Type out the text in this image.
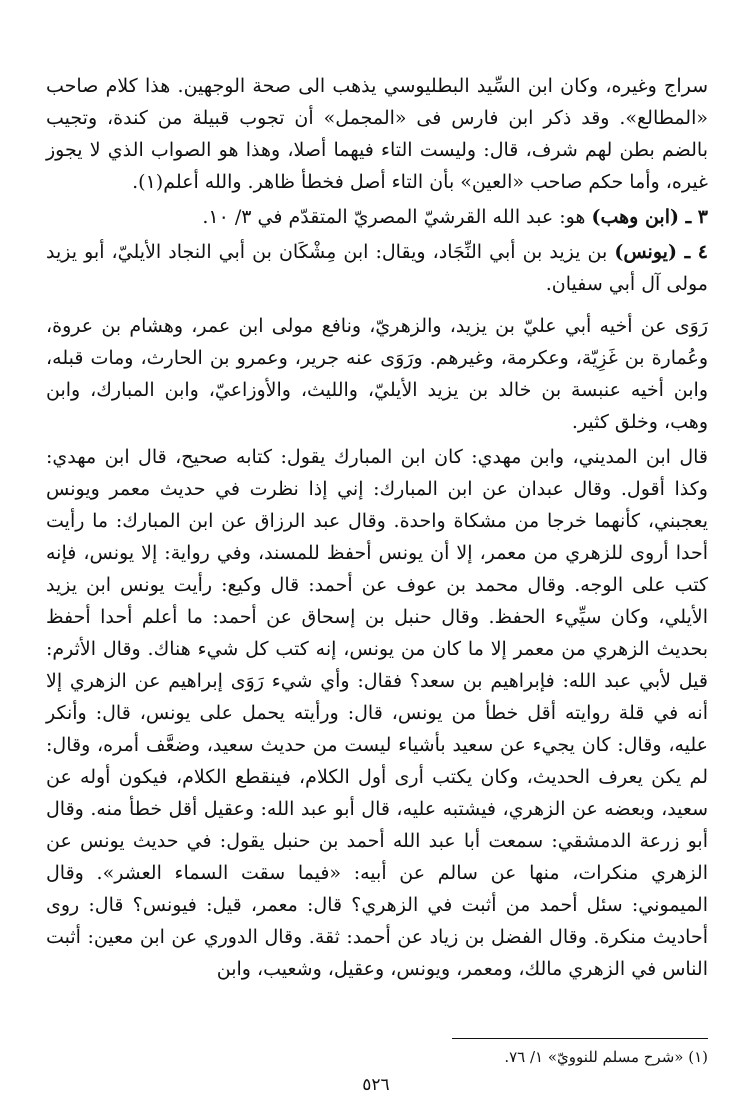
سراج وغيره، وكان ابن السِّيد البطليوسي يذهب الى صحة الوجهين. هذا كلام صاحب «المطالع». وقد ذكر ابن فارس فى «المجمل» أن تجوب قبيلة من كندة، وتجيب بالضم بطن لهم شرف، قال: وليست التاء فيهما أصلا، وهذا هو الصواب الذي لا يجوز غيره، وأما حكم صاحب «العين» بأن التاء أصل فخطأ ظاهر. والله أعلم(١).

٣ ـ (ابن وهب) هو: عبد الله القرشيّ المصريّ المتقدّم في ٣/ ١٠.

٤ ـ (يونس) بن يزيد بن أبي النِّجَاد، ويقال: ابن مِشْكَان بن أبي النجاد الأيليّ، أبو يزيد مولى آل أبي سفيان.

رَوَى عن أخيه أبي عليّ بن يزيد، والزهريّ، ونافع مولى ابن عمر، وهشام بن عروة، وعُمارة بن غَزِيّة، وعكرمة، وغيرهم. ورَوَى عنه جرير، وعمرو بن الحارث، ومات قبله، وابن أخيه عنبسة بن خالد بن يزيد الأيليّ، والليث، والأوزاعيّ، وابن المبارك، وابن وهب، وخلق كثير.

قال ابن المديني، وابن مهدي: كان ابن المبارك يقول: كتابه صحيح، قال ابن مهدي: وكذا أقول. وقال عبدان عن ابن المبارك: إني إذا نظرت في حديث معمر ويونس يعجبني، كأنهما خرجا من مشكاة واحدة. وقال عبد الرزاق عن ابن المبارك: ما رأيت أحدا أروى للزهري من معمر، إلا أن يونس أحفظ للمسند، وفي رواية: إلا يونس، فإنه كتب على الوجه. وقال محمد بن عوف عن أحمد: قال وكيع: رأيت يونس ابن يزيد الأيلي، وكان سيِّيء الحفظ. وقال حنبل بن إسحاق عن أحمد: ما أعلم أحدا أحفظ بحديث الزهري من معمر إلا ما كان من يونس، إنه كتب كل شيء هناك. وقال الأثرم: قيل لأبي عبد الله: فإبراهيم بن سعد؟ فقال: وأي شيء رَوَى إبراهيم عن الزهري إلا أنه في قلة روايته أقل خطأ من يونس، قال: ورأيته يحمل على يونس، قال: وأنكر عليه، وقال: كان يجيء عن سعيد بأشياء ليست من حديث سعيد، وضعَّف أمره، وقال: لم يكن يعرف الحديث، وكان يكتب أرى أول الكلام، فينقطع الكلام، فيكون أوله عن سعيد، وبعضه عن الزهري، فيشتبه عليه، قال أبو عبد الله: وعقيل أقل خطأ منه. وقال أبو زرعة الدمشقي: سمعت أبا عبد الله أحمد بن حنبل يقول: في حديث يونس عن الزهري منكرات، منها عن سالم عن أبيه: «فيما سقت السماء العشر». وقال الميموني: سئل أحمد من أثبت في الزهري؟ قال: معمر، قيل: فيونس؟ قال: روى أحاديث منكرة. وقال الفضل بن زياد عن أحمد: ثقة. وقال الدوري عن ابن معين: أثبت الناس في الزهري مالك، ومعمر، ويونس، وعقيل، وشعيب، وابن

(١) «شرح مسلم للنوويّ» ١/ ٧٦.
٥٢٦
